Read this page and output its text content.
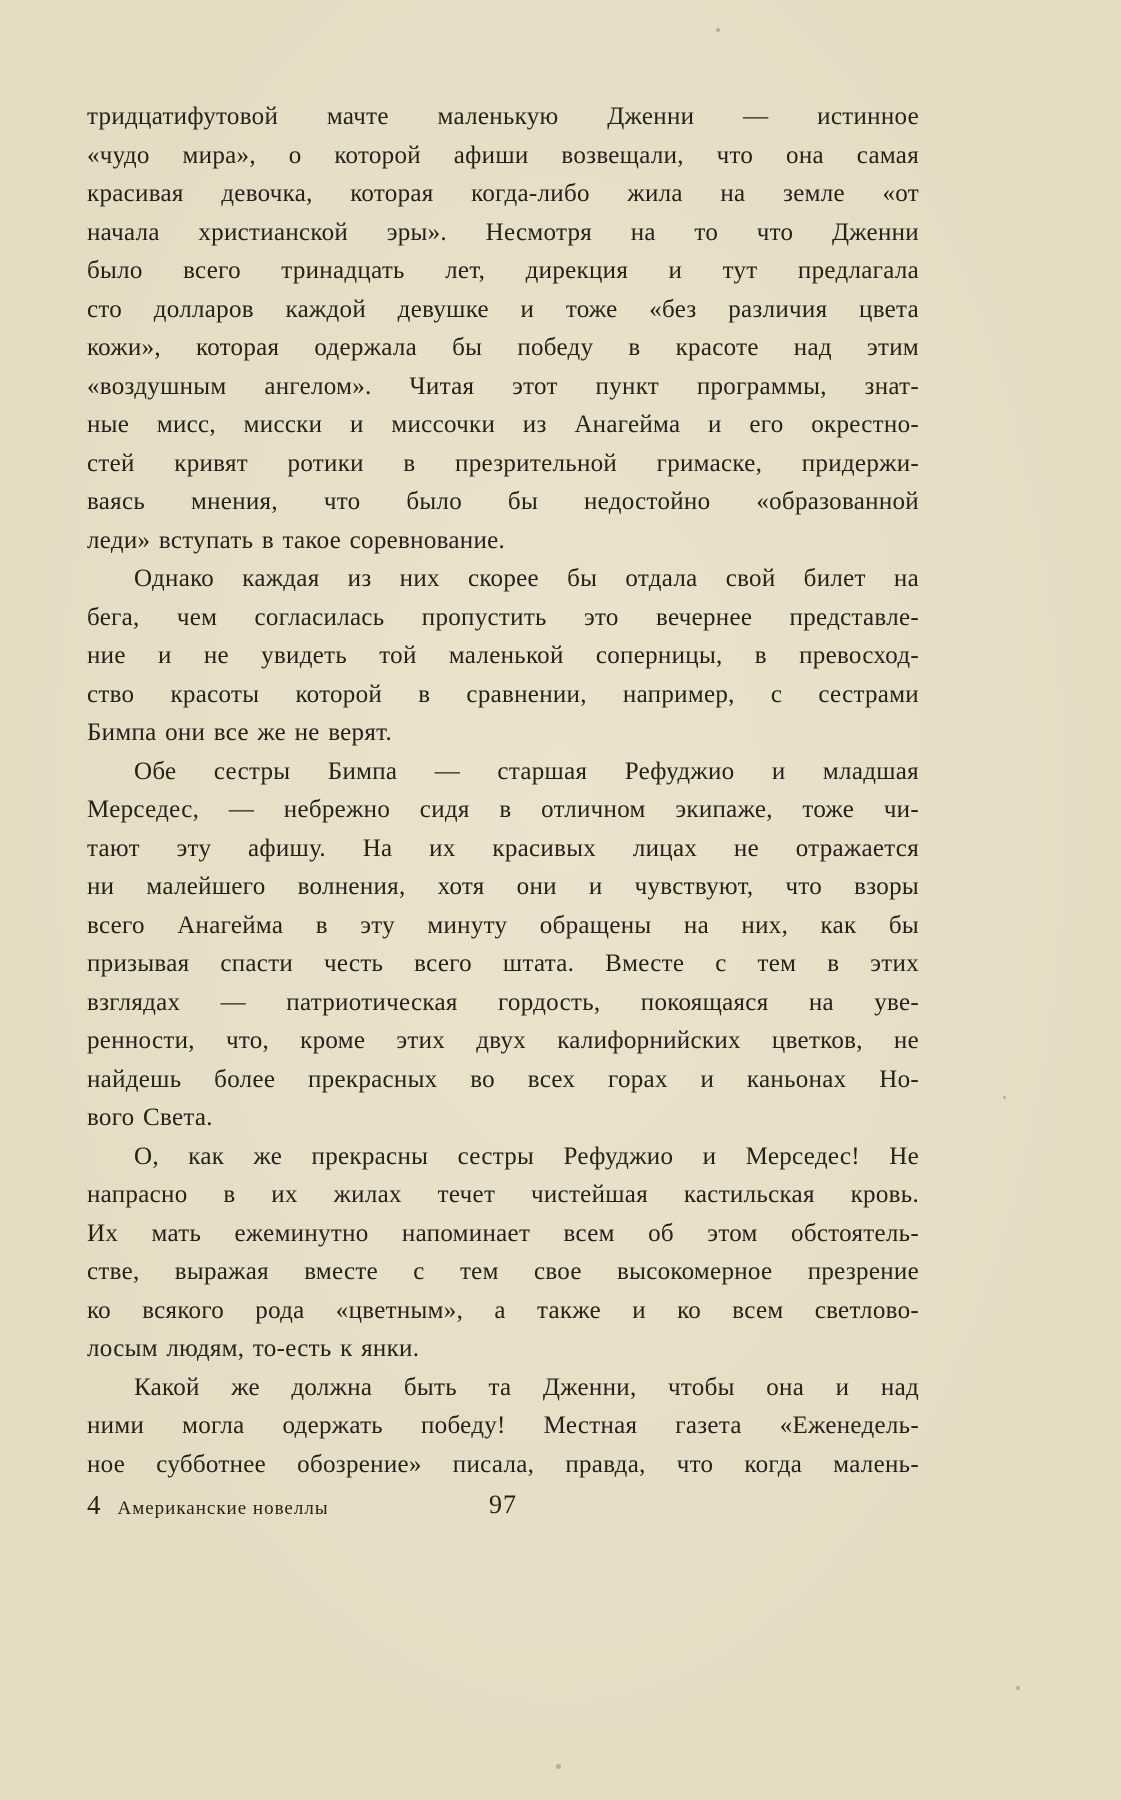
тридцатифутовой мачте маленькую Дженни — истинное
«чудо мира», о которой афиши возвещали, что она самая
красивая девочка, которая когда-либо жила на земле «от
начала христианской эры». Несмотря на то что Дженни
было всего тринадцать лет, дирекция и тут предлагала
сто долларов каждой девушке и тоже «без различия цвета
кожи», которая одержала бы победу в красоте над этим
«воздушным ангелом». Читая этот пункт программы, знат-
ные мисс, мисски и миссочки из Анагейма и его окрестно-
стей кривят ротики в презрительной гримаске, придержи-
ваясь мнения, что было бы недостойно «образованной
леди» вступать в такое соревнование.

Однако каждая из них скорее бы отдала свой билет на
бега, чем согласилась пропустить это вечернее представле-
ние и не увидеть той маленькой соперницы, в превосход-
ство красоты которой в сравнении, например, с сестрами
Бимпа они все же не верят.

Обе сестры Бимпа — старшая Рефуджио и младшая
Мерседес, — небрежно сидя в отличном экипаже, тоже чи-
тают эту афишу. На их красивых лицах не отражается
ни малейшего волнения, хотя они и чувствуют, что взоры
всего Анагейма в эту минуту обращены на них, как бы
призывая спасти честь всего штата. Вместе с тем в этих
взглядах — патриотическая гордость, покоящаяся на уве-
ренности, что, кроме этих двух калифорнийских цветков, не
найдешь более прекрасных во всех горах и каньонах Но-
вого Света.

О, как же прекрасны сестры Рефуджио и Мерседес! Не
напрасно в их жилах течет чистейшая кастильская кровь.
Их мать ежеминутно напоминает всем об этом обстоятель-
стве, выражая вместе с тем свое высокомерное презрение
ко всякого рода «цветным», а также и ко всем светлово-
лосым людям, то-есть к янки.

Какой же должна быть та Дженни, чтобы она и над
ними могла одержать победу! Местная газета «Еженедель-
ное субботнее обозрение» писала, правда, что когда малень-

4 Американские новеллы	97
